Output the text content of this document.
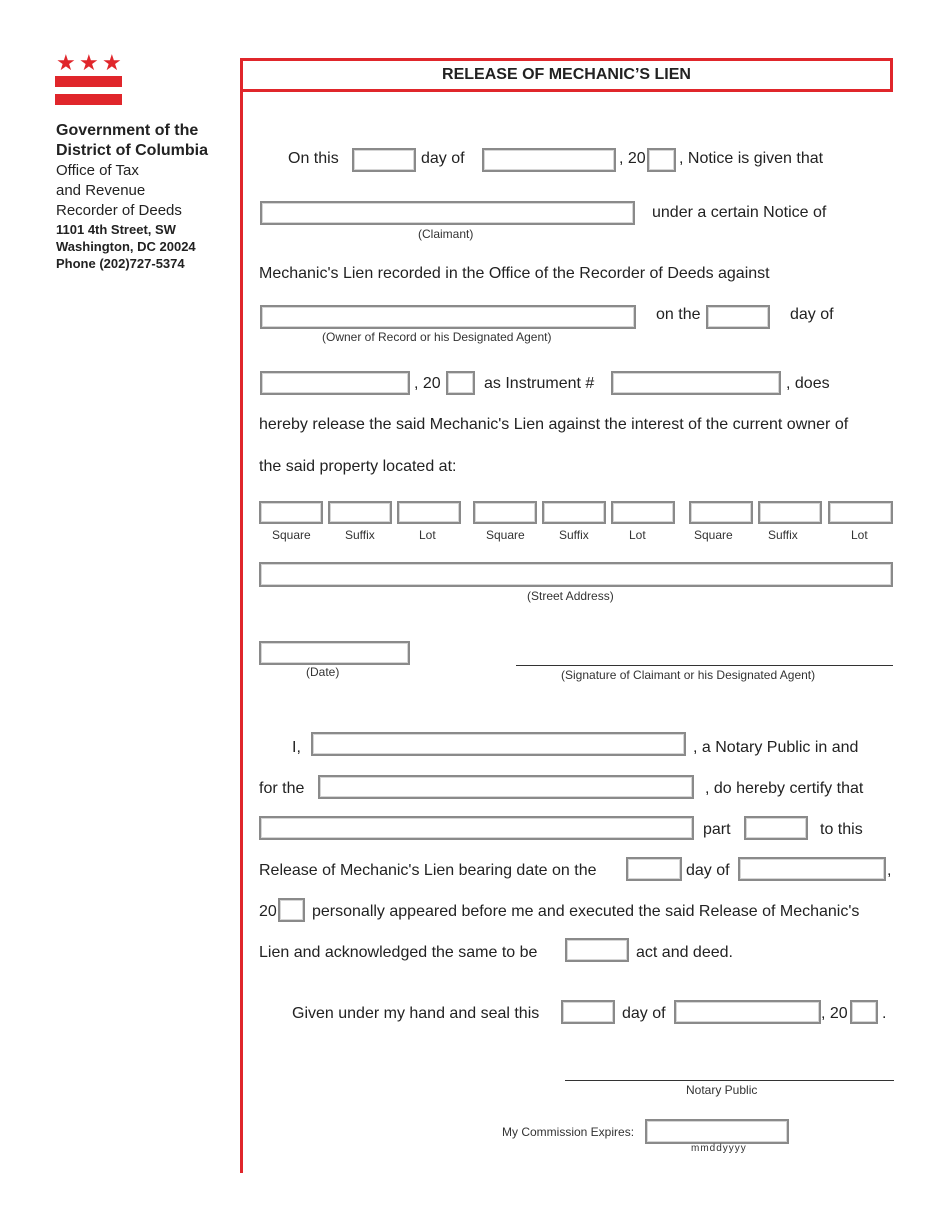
★ ★ ★
Government of the
District of Columbia
Office of Tax
and Revenue
Recorder of Deeds
1101 4th Street, SW
Washington, DC 20024
Phone (202)727-5374
RELEASE OF MECHANIC’S LIEN
On this	day of	, 20 , Notice is given that
under a certain Notice of
(Claimant)
Mechanic's Lien recorded in the Office of the Recorder of Deeds against
on the	day of
(Owner of Record or his Designated Agent)
, 20	as Instrument #	, does
hereby release the said Mechanic's Lien against the interest of the current owner of
the said property located at:
Square	Suffix	Lot	Square	Suffix	Lot	Square	Suffix	Lot
(Street Address)
(Date)	(Signature of Claimant or his Designated Agent)
I,	, a Notary Public in and
for the	, do hereby certify that
part	to this
Release of Mechanic's Lien bearing date on the	day of	,
20 personally appeared before me and executed the said Release of Mechanic's
Lien and acknowledged the same to be	act and deed.
Given under my hand and seal this	day of	, 20 .
Notary Public
My Commission Expires:
mmddyyyy
